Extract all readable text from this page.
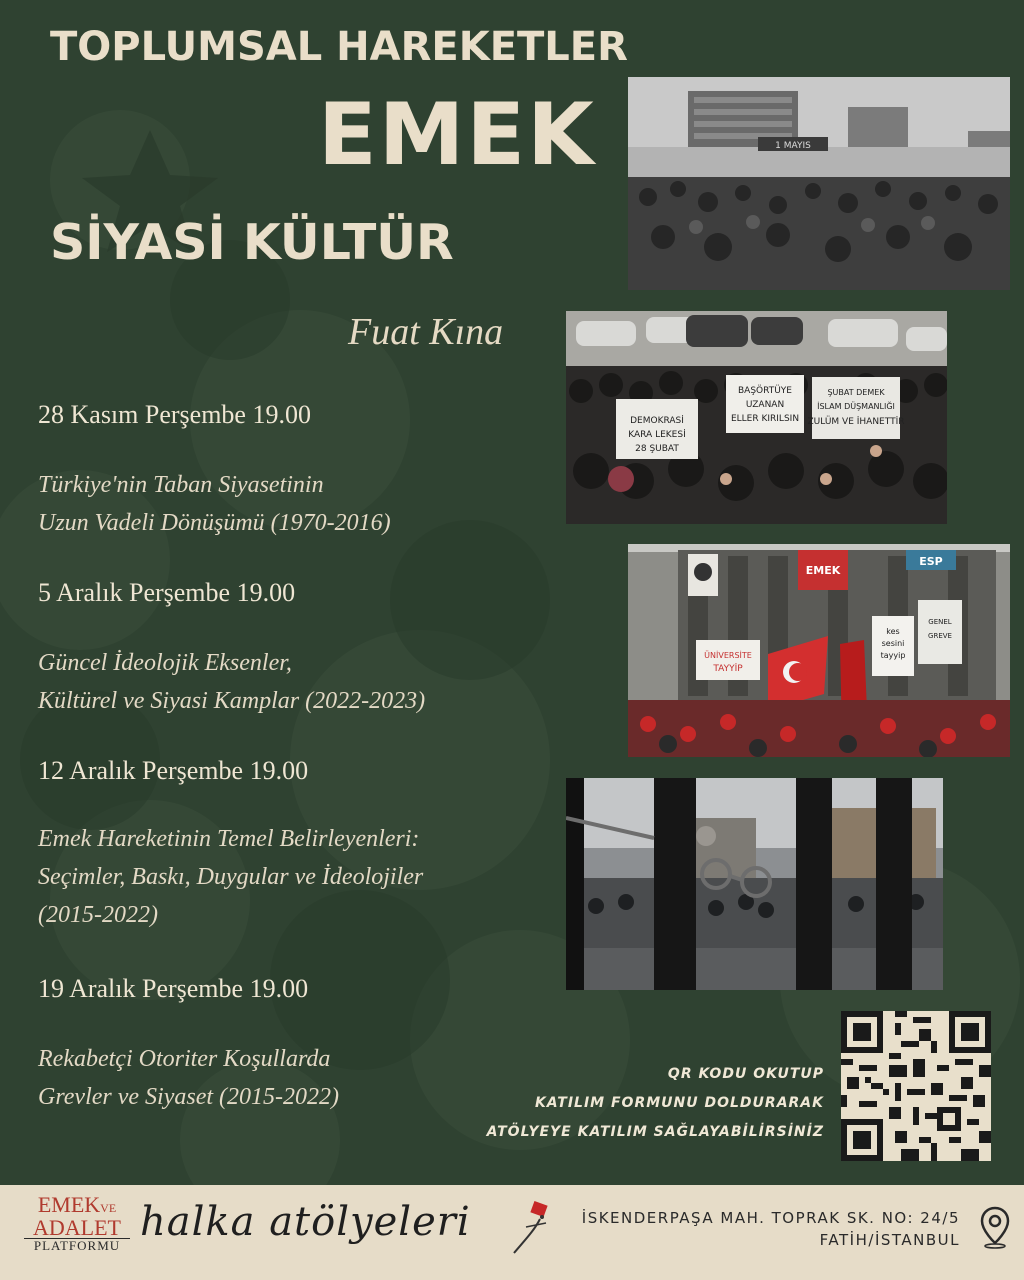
TOPLUMSAL HAREKETLER
EMEK
SİYASİ KÜLTÜR
Fuat Kına
28 Kasım Perşembe 19.00
Türkiye'nin Taban Siyasetinin
Uzun Vadeli Dönüşümü (1970-2016)
5 Aralık Perşembe 19.00
Güncel İdeolojik Eksenler,
Kültürel ve Siyasi Kamplar (2022-2023)
12 Aralık Perşembe 19.00
Emek Hareketinin Temel Belirleyenleri:
Seçimler, Baskı, Duygular ve İdeolojiler
(2015-2022)
19 Aralık Perşembe 19.00
Rekabetçi Otoriter Koşullarda
Grevler ve Siyaset (2015-2022)
1 MAYIS
DEMOKRASİ
KARA LEKESİ
28 ŞUBAT
BAŞÖRTÜYE
UZANAN
ELLER KIRILSIN
ŞUBAT DEMEK
İSLAM DÜŞMANLIĞI
ZULÜM VE İHANETTİR
EMEK
ESP
ÜNİVERSİTE
TAYYİP
kes
sesini
tayyip
GENEL
GREVE
QR KODU OKUTUP
KATILIM FORMUNU DOLDURARAK
ATÖLYEYE KATILIM SAĞLAYABİLİRSİNİZ
EMEKVE
ADALET
PLATFORMU
halka atölyeleri	İSKENDERPAŞA MAH. TOPRAK SK. NO: 24/5
FATİH/İSTANBUL
